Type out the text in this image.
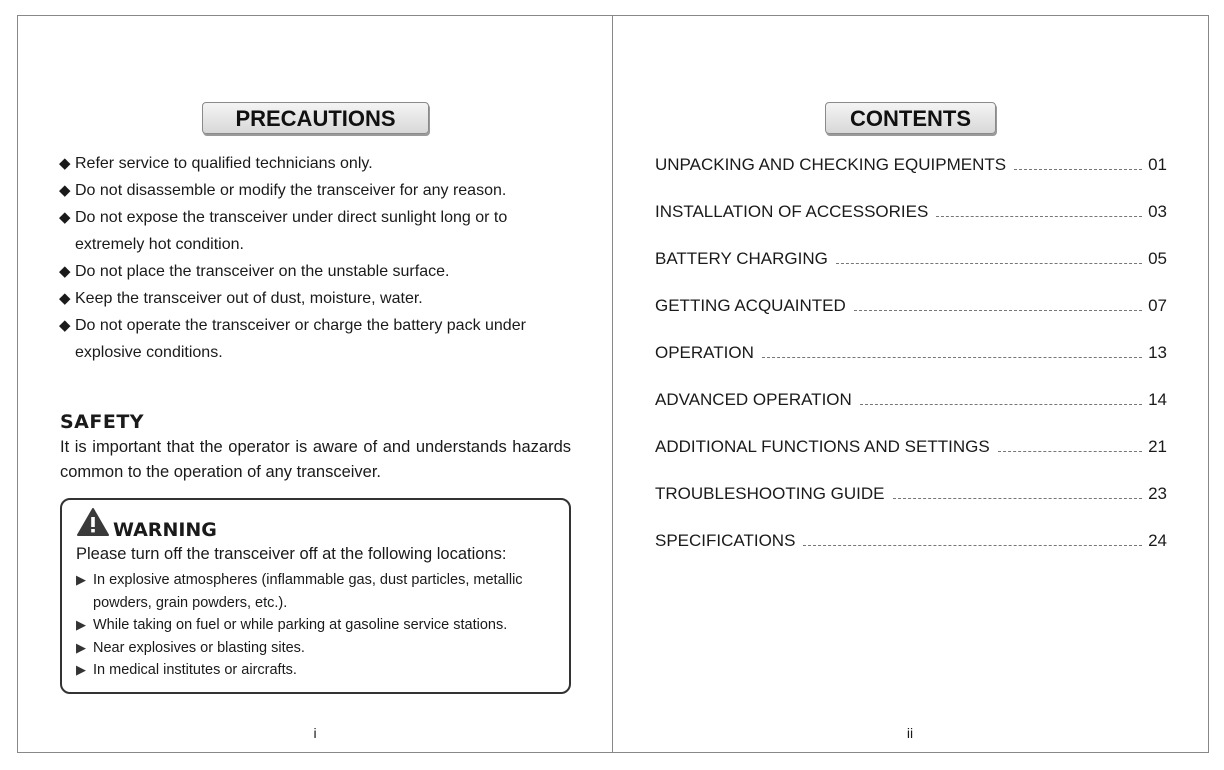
PRECAUTIONS
◆ Refer service to qualified technicians only.
◆ Do not disassemble or modify the transceiver for any reason.
◆ Do not expose the transceiver under direct sunlight long or to extremely hot condition.
◆ Do not place the transceiver on the unstable surface.
◆ Keep the transceiver out of dust, moisture, water.
◆ Do not operate the transceiver or charge the battery pack under explosive conditions.
SAFETY
It is important that the operator is aware of and understands hazards common to the operation of any transceiver.
WARNING
Please turn off the transceiver off at the following locations:
▶ In explosive atmospheres (inflammable gas, dust particles, metallic powders, grain powders, etc.).
▶ While taking on fuel or while parking at gasoline service stations.
▶ Near explosives or blasting sites.
▶ In medical institutes or aircrafts.
i
CONTENTS
UNPACKING AND CHECKING EQUIPMENTS	01
INSTALLATION OF ACCESSORIES	03
BATTERY CHARGING	05
GETTING ACQUAINTED	07
OPERATION	13
ADVANCED OPERATION	14
ADDITIONAL FUNCTIONS AND SETTINGS	21
TROUBLESHOOTING GUIDE	23
SPECIFICATIONS	24
ii
